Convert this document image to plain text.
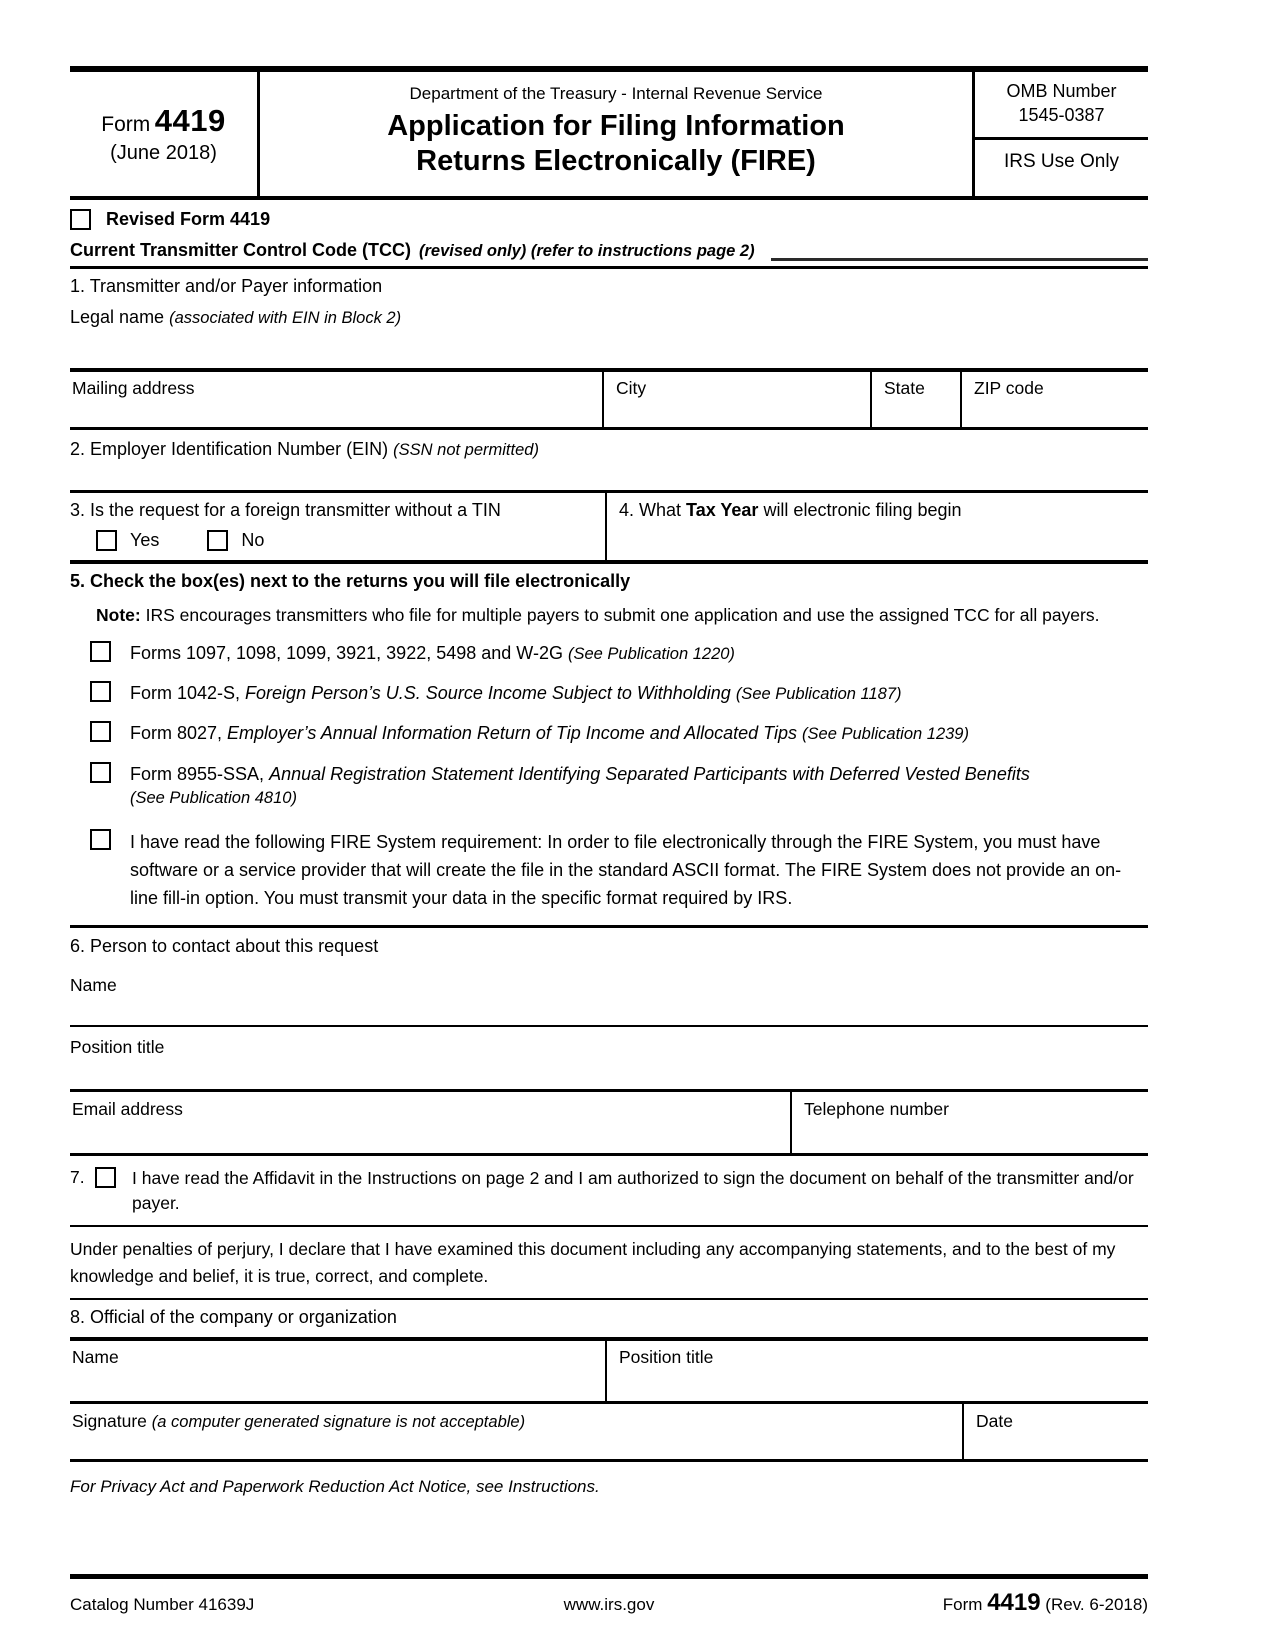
Form 4419
(June 2018)
Department of the Treasury - Internal Revenue Service
Application for Filing Information
Returns Electronically (FIRE)
OMB Number
1545-0387
IRS Use Only
Revised Form 4419
Current Transmitter Control Code (TCC) (revised only) (refer to instructions page 2)
1. Transmitter and/or Payer information
Legal name (associated with EIN in Block 2)
Mailing address	City	State	ZIP code
2. Employer Identification Number (EIN) (SSN not permitted)
3. Is the request for a foreign transmitter without a TIN
Yes	No
4. What Tax Year will electronic filing begin
5. Check the box(es) next to the returns you will file electronically
Note: IRS encourages transmitters who file for multiple payers to submit one application and use the assigned TCC for all payers.
Forms 1097, 1098, 1099, 3921, 3922, 5498 and W-2G (See Publication 1220)
Form 1042-S, Foreign Person’s U.S. Source Income Subject to Withholding (See Publication 1187)
Form 8027, Employer’s Annual Information Return of Tip Income and Allocated Tips (See Publication 1239)
Form 8955-SSA, Annual Registration Statement Identifying Separated Participants with Deferred Vested Benefits
(See Publication 4810)
I have read the following FIRE System requirement: In order to file electronically through the FIRE System, you must have software or a service provider that will create the file in the standard ASCII format. The FIRE System does not provide an on-line fill-in option. You must transmit your data in the specific format required by IRS.
6. Person to contact about this request
Name
Position title
Email address	Telephone number
7.	I have read the Affidavit in the Instructions on page 2 and I am authorized to sign the document on behalf of the transmitter and/or payer.
Under penalties of perjury, I declare that I have examined this document including any accompanying statements, and to the best of my knowledge and belief, it is true, correct, and complete.
8. Official of the company or organization
Name	Position title
Signature (a computer generated signature is not acceptable)	Date
For Privacy Act and Paperwork Reduction Act Notice, see Instructions.
Catalog Number 41639J	www.irs.gov	Form 4419 (Rev. 6-2018)
